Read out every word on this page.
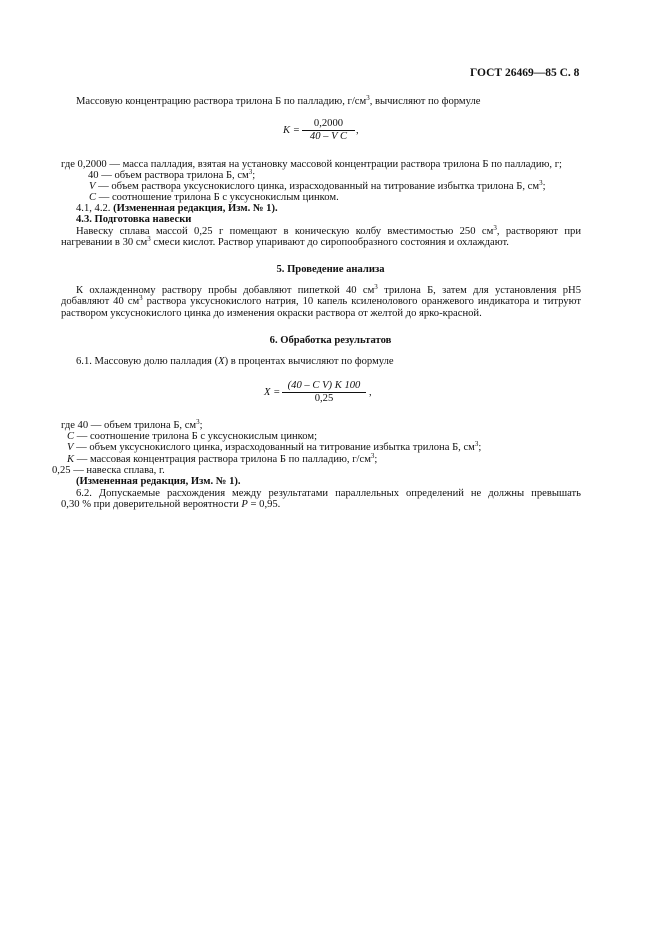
ГОСТ 26469—85 С. 8
Массовую концентрацию раствора трилона Б по палладию, $г/см^3$, вычисляют по формуле
$K = \frac{0,2000}{\text{40 – V C}}$ ,
где 0,2000 — масса палладия, взятая на установку массовой концентрации раствора трилона Б по палладию, г;
40 — объем раствора трилона Б, $см^3$;
V — объем раствора уксуснокислого цинка, израсходованный на титрование избытка трилона Б, $см^3$;
C — соотношение трилона Б с уксуснокислым цинком.
4.1, 4.2. (Измененная редакция, Изм. № 1).
4.3. Подготовка навески
Навеску сплава массой 0,25 г помещают в коническую колбу вместимостью 250 $см^3$, растворяют при
нагревании в 30 $см^3$ смеси кислот. Раствор упаривают до сиропообразного состояния и охлаждают.
5. Проведение анализа
К охлажденному раствору пробы добавляют пипеткой 40 $см^3$ трилона Б, затем для установления pH5
добавляют 40 $см^3$ раствора уксуснокислого натрия, 10 капель ксиленолового оранжевого индикатора и титруют
раствором уксуснокислого цинка до изменения окраски раствора от желтой до ярко-красной.
6. Обработка результатов
6.1. Массовую долю палладия (X) в процентах вычисляют по формуле
$X = \frac{\text{(40 – C V) K 100}}{0,25}$ ,
где 40 — объем трилона Б, $см^3$;
C — соотношение трилона Б с уксуснокислым цинком;
V — объем уксуснокислого цинка, израсходованный на титрование избытка трилона Б, $см^3$;
K — массовая концентрация раствора трилона Б по палладию, $г/см^3$;
0,25 — навеска сплава, г.
(Измененная редакция, Изм. № 1).
6.2. Допускаемые расхождения между результатами параллельных определений не должны превышать
0,30 % при доверительной вероятности P = 0,95.
